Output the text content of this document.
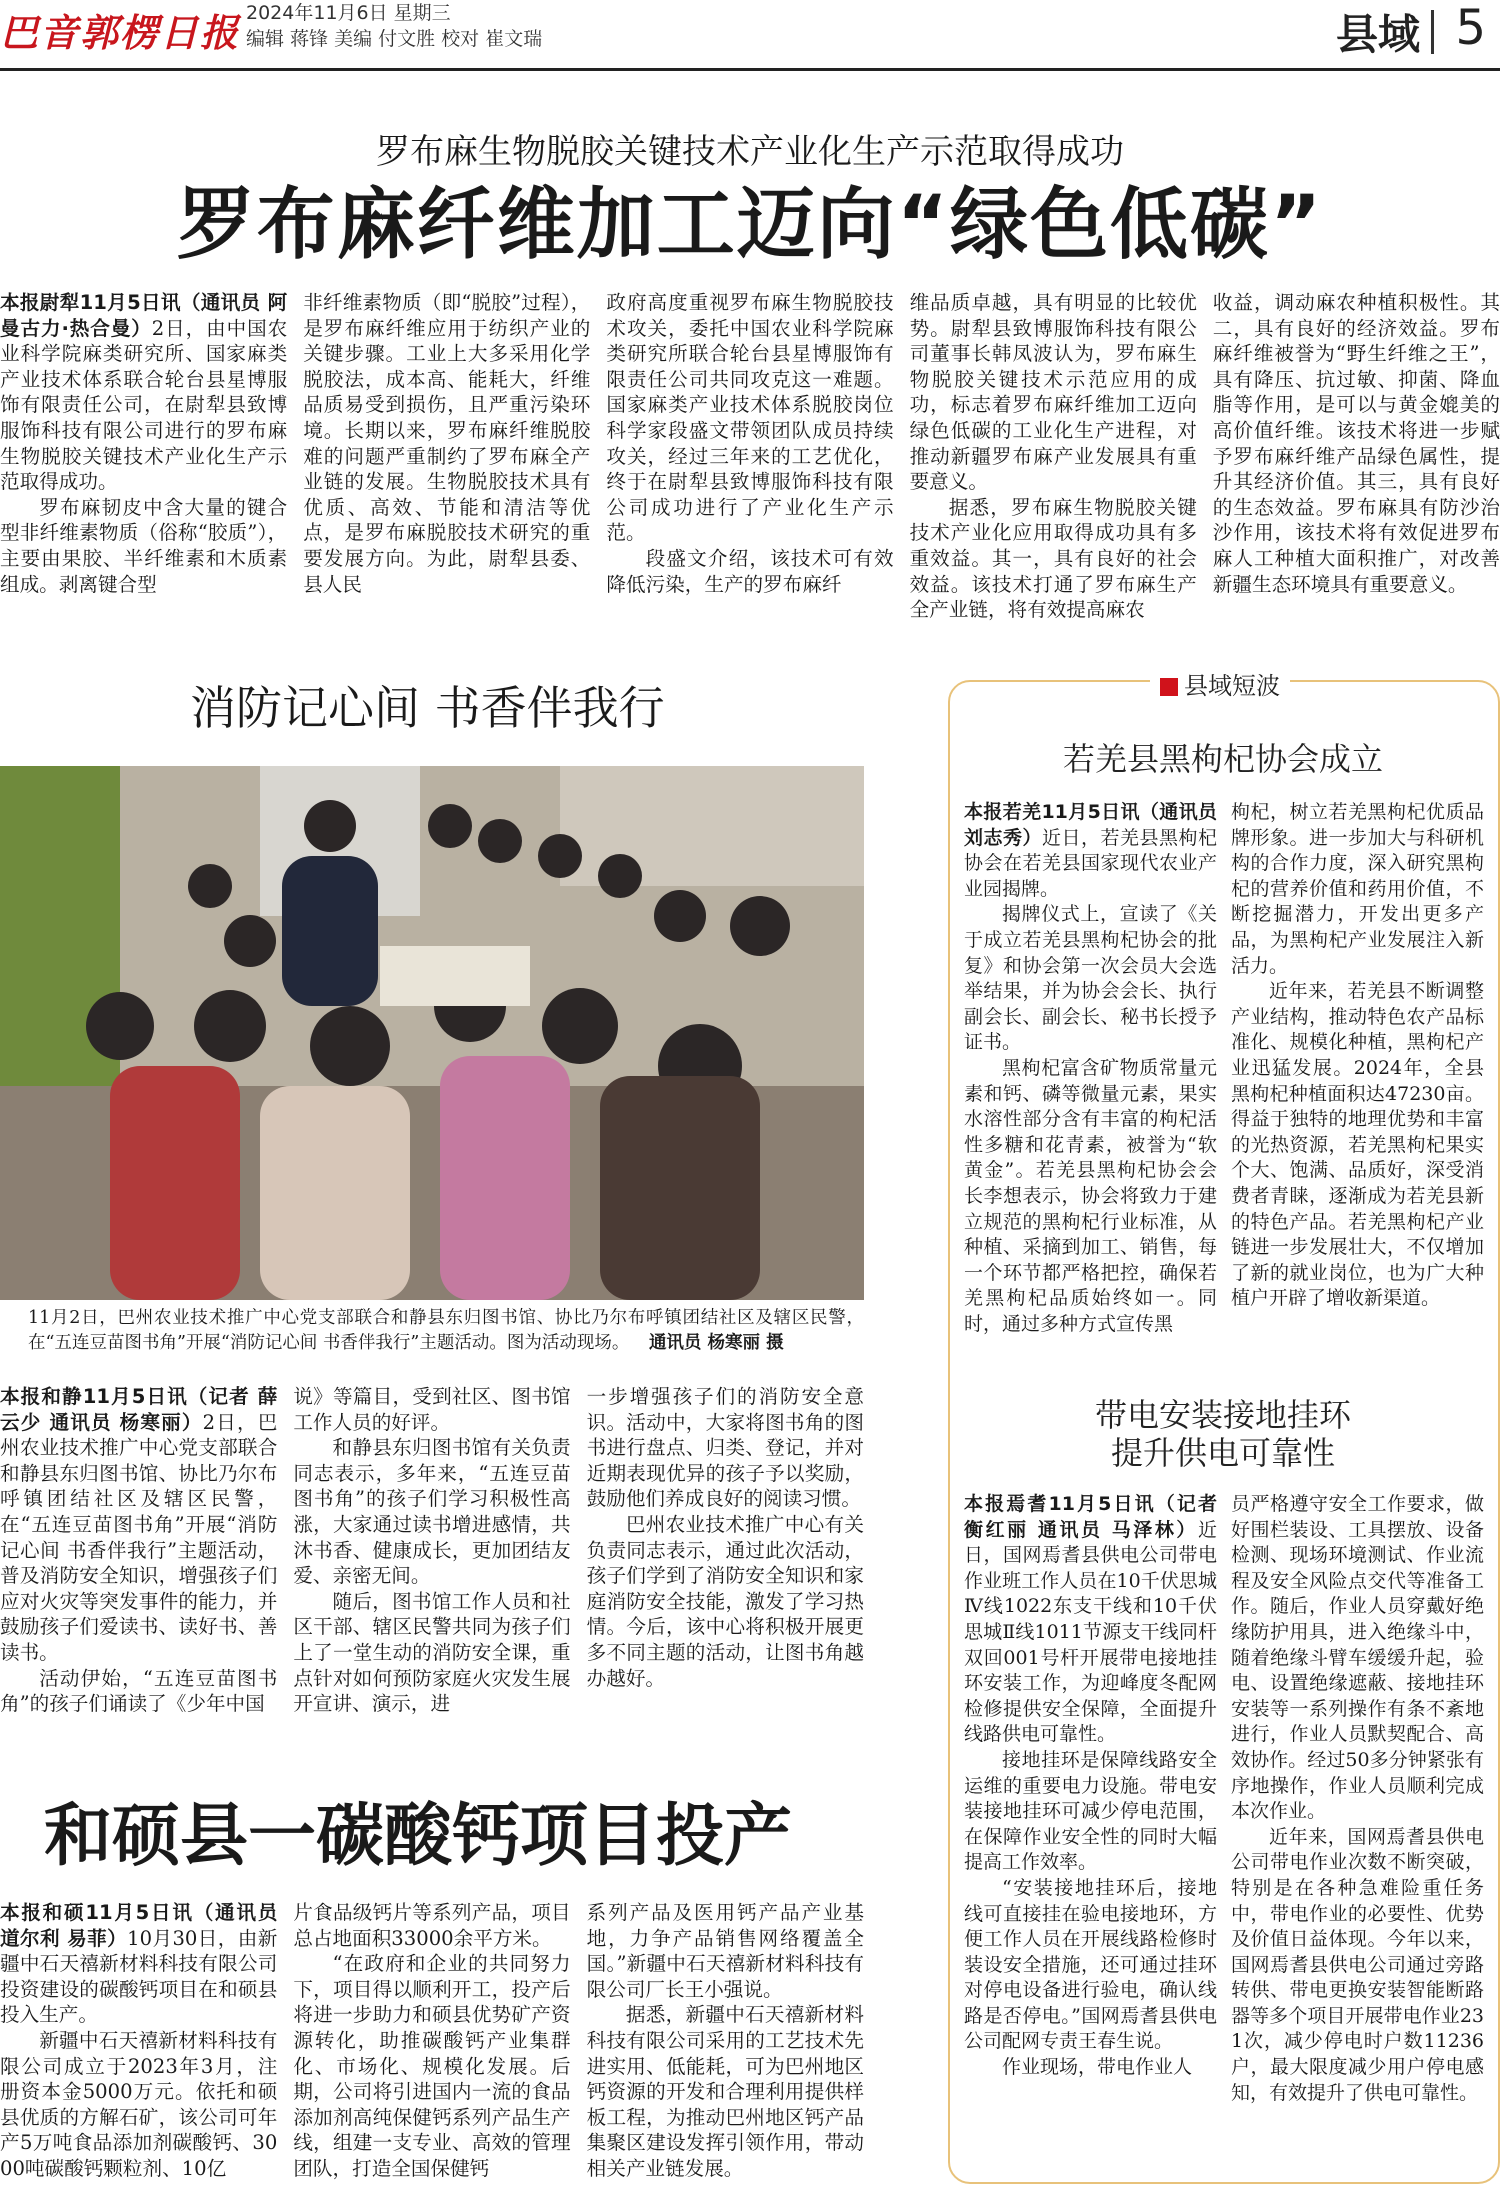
巴音郭楞日报 2024年11月6日 星期三
编辑 蒋锋 美编 付文胜 校对 崔文瑞	县域 5
罗布麻生物脱胶关键技术产业化生产示范取得成功
罗布麻纤维加工迈向“绿色低碳”

本报尉犁11月5日讯（通讯员 阿曼古力·热合曼）2日，由中国农业科学院麻类研究所、国家麻类产业技术体系联合轮台县星博服饰有限责任公司，在尉犁县致博服饰科技有限公司进行的罗布麻生物脱胶关键技术产业化生产示范取得成功。

罗布麻韧皮中含大量的键合型非纤维素物质（俗称“胶质”），主要由果胶、半纤维素和木质素组成。剥离键合型

非纤维素物质（即“脱胶”过程），是罗布麻纤维应用于纺织产业的关键步骤。工业上大多采用化学脱胶法，成本高、能耗大，纤维品质易受到损伤，且严重污染环境。长期以来，罗布麻纤维脱胶难的问题严重制约了罗布麻全产业链的发展。生物脱胶技术具有优质、高效、节能和清洁等优点，是罗布麻脱胶技术研究的重要发展方向。为此，尉犁县委、县人民

政府高度重视罗布麻生物脱胶技术攻关，委托中国农业科学院麻类研究所联合轮台县星博服饰有限责任公司共同攻克这一难题。国家麻类产业技术体系脱胶岗位科学家段盛文带领团队成员持续攻关，经过三年来的工艺优化，终于在尉犁县致博服饰科技有限公司成功进行了产业化生产示范。

段盛文介绍，该技术可有效降低污染，生产的罗布麻纤

维品质卓越，具有明显的比较优势。尉犁县致博服饰科技有限公司董事长韩凤波认为，罗布麻生物脱胶关键技术示范应用的成功，标志着罗布麻纤维加工迈向绿色低碳的工业化生产进程，对推动新疆罗布麻产业发展具有重要意义。

据悉，罗布麻生物脱胶关键技术产业化应用取得成功具有多重效益。其一，具有良好的社会效益。该技术打通了罗布麻生产全产业链，将有效提高麻农

收益，调动麻农种植积极性。其二，具有良好的经济效益。罗布麻纤维被誉为“野生纤维之王”，具有降压、抗过敏、抑菌、降血脂等作用，是可以与黄金媲美的高价值纤维。该技术将进一步赋予罗布麻纤维产品绿色属性，提升其经济价值。其三，具有良好的生态效益。罗布麻具有防沙治沙作用，该技术将有效促进罗布麻人工种植大面积推广，对改善新疆生态环境具有重要意义。

消防记心间 书香伴我行
11月2日，巴州农业技术推广中心党支部联合和静县东归图书馆、协比乃尔布呼镇团结社区及辖区民警，在“五连豆苗图书角”开展“消防记心间 书香伴我行”主题活动。图为活动现场。 通讯员 杨寒丽 摄

本报和静11月5日讯（记者 薛云少 通讯员 杨寒丽）2日，巴州农业技术推广中心党支部联合和静县东归图书馆、协比乃尔布呼镇团结社区及辖区民警，在“五连豆苗图书角”开展“消防记心间 书香伴我行”主题活动，普及消防安全知识，增强孩子们应对火灾等突发事件的能力，并鼓励孩子们爱读书、读好书、善读书。

活动伊始，“五连豆苗图书角”的孩子们诵读了《少年中国

说》等篇目，受到社区、图书馆工作人员的好评。

和静县东归图书馆有关负责同志表示，多年来，“五连豆苗图书角”的孩子们学习积极性高涨，大家通过读书增进感情，共沐书香、健康成长，更加团结友爱、亲密无间。

随后，图书馆工作人员和社区干部、辖区民警共同为孩子们上了一堂生动的消防安全课，重点针对如何预防家庭火灾发生展开宣讲、演示，进

一步增强孩子们的消防安全意识。活动中，大家将图书角的图书进行盘点、归类、登记，并对近期表现优异的孩子予以奖励，鼓励他们养成良好的阅读习惯。

巴州农业技术推广中心有关负责同志表示，通过此次活动，孩子们学到了消防安全知识和家庭消防安全技能，激发了学习热情。今后，该中心将积极开展更多不同主题的活动，让图书角越办越好。

和硕县一碳酸钙项目投产

本报和硕11月5日讯（通讯员 道尔利 易菲）10月30日，由新疆中石天禧新材料科技有限公司投资建设的碳酸钙项目在和硕县投入生产。

新疆中石天禧新材料科技有限公司成立于2023年3月，注册资本金5000万元。依托和硕县优质的方解石矿，该公司可年产5万吨食品添加剂碳酸钙、3000吨碳酸钙颗粒剂、10亿

片食品级钙片等系列产品，项目总占地面积33000余平方米。

“在政府和企业的共同努力下，项目得以顺利开工，投产后将进一步助力和硕县优势矿产资源转化，助推碳酸钙产业集群化、市场化、规模化发展。后期，公司将引进国内一流的食品添加剂高纯保健钙系列产品生产线，组建一支专业、高效的管理团队，打造全国保健钙

系列产品及医用钙产品产业基地，力争产品销售网络覆盖全国。”新疆中石天禧新材料科技有限公司厂长王小强说。

据悉，新疆中石天禧新材料科技有限公司采用的工艺技术先进实用、低能耗，可为巴州地区钙资源的开发和合理利用提供样板工程，为推动巴州地区钙产品集聚区建设发挥引领作用，带动相关产业链发展。

县域短波
若羌县黑枸杞协会成立

本报若羌11月5日讯（通讯员 刘志秀）近日，若羌县黑枸杞协会在若羌县国家现代农业产业园揭牌。

揭牌仪式上，宣读了《关于成立若羌县黑枸杞协会的批复》和协会第一次会员大会选举结果，并为协会会长、执行副会长、副会长、秘书长授予证书。

黑枸杞富含矿物质常量元素和钙、磷等微量元素，果实水溶性部分含有丰富的枸杞活性多糖和花青素，被誉为“软黄金”。若羌县黑枸杞协会会长李想表示，协会将致力于建立规范的黑枸杞行业标准，从种植、采摘到加工、销售，每一个环节都严格把控，确保若羌黑枸杞品质始终如一。同时，通过多种方式宣传黑

枸杞，树立若羌黑枸杞优质品牌形象。进一步加大与科研机构的合作力度，深入研究黑枸杞的营养价值和药用价值，不断挖掘潜力，开发出更多产品，为黑枸杞产业发展注入新活力。

近年来，若羌县不断调整产业结构，推动特色农产品标准化、规模化种植，黑枸杞产业迅猛发展。2024年，全县黑枸杞种植面积达47230亩。得益于独特的地理优势和丰富的光热资源，若羌黑枸杞果实个大、饱满、品质好，深受消费者青睐，逐渐成为若羌县新的特色产品。若羌黑枸杞产业链进一步发展壮大，不仅增加了新的就业岗位，也为广大种植户开辟了增收新渠道。

带电安装接地挂环
提升供电可靠性

本报焉耆11月5日讯（记者 衡红丽 通讯员 马泽林）近日，国网焉耆县供电公司带电作业班工作人员在10千伏思城Ⅳ线1022东支干线和10千伏思城Ⅱ线1011节源支干线同杆双回001号杆开展带电接地挂环安装工作，为迎峰度冬配网检修提供安全保障，全面提升线路供电可靠性。

接地挂环是保障线路安全运维的重要电力设施。带电安装接地挂环可减少停电范围，在保障作业安全性的同时大幅提高工作效率。

“安装接地挂环后，接地线可直接挂在验电接地环，方便工作人员在开展线路检修时装设安全措施，还可通过挂环对停电设备进行验电，确认线路是否停电。”国网焉耆县供电公司配网专责王春生说。

作业现场，带电作业人

员严格遵守安全工作要求，做好围栏装设、工具摆放、设备检测、现场环境测试、作业流程及安全风险点交代等准备工作。随后，作业人员穿戴好绝缘防护用具，进入绝缘斗中，随着绝缘斗臂车缓缓升起，验电、设置绝缘遮蔽、接地挂环安装等一系列操作有条不紊地进行，作业人员默契配合、高效协作。经过50多分钟紧张有序地操作，作业人员顺利完成本次作业。

近年来，国网焉耆县供电公司带电作业次数不断突破，特别是在各种急难险重任务中，带电作业的必要性、优势及价值日益体现。今年以来，国网焉耆县供电公司通过旁路转供、带电更换安装智能断路器等多个项目开展带电作业231次，减少停电时户数11236户，最大限度减少用户停电感知，有效提升了供电可靠性。
